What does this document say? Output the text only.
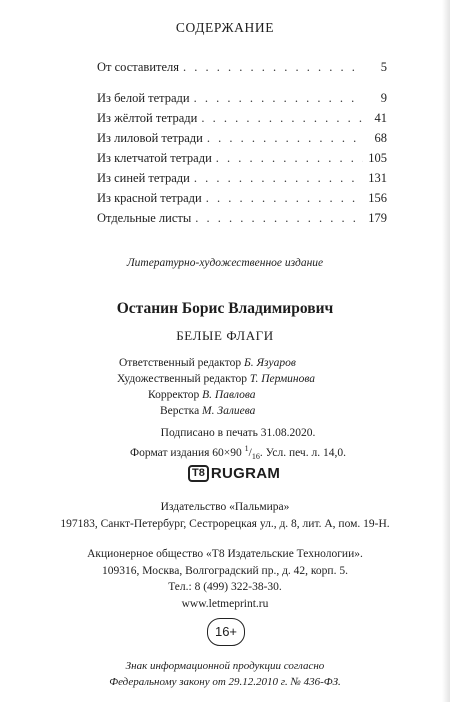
СОДЕРЖАНИЕ
От составителя . . .	5
Из белой тетради . . .	9
Из жёлтой тетради . . .	41
Из лиловой тетради . . .	68
Из клетчатой тетради . . .	105
Из синей тетради . . .	131
Из красной тетради . . .	156
Отдельные листы . . .	179
Литературно-художественное издание
Останин Борис Владимирович
БЕЛЫЕ ФЛАГИ
Ответственный редактор Б. Язуаров
Художественный редактор Т. Перминова
Корректор В. Павлова
Верстка М. Залиева
Подписано в печать 31.08.2020.
Формат издания 60×90 $^1/_{16}$. Усл. печ. л. 14,0.
T8 RUGRAM
Издательство «Пальмира»
197183, Санкт-Петербург, Сестрорецкая ул., д. 8, лит. А, пом. 19-Н.
Акционерное общество «Т8 Издательские Технологии».
109316, Москва, Волгоградский пр., д. 42, корп. 5.
Тел.: 8 (499) 322-38-30.
www.letmeprint.ru
16+
Знак информационной продукции согласно
Федеральному закону от 29.12.2010 г. № 436-ФЗ.
